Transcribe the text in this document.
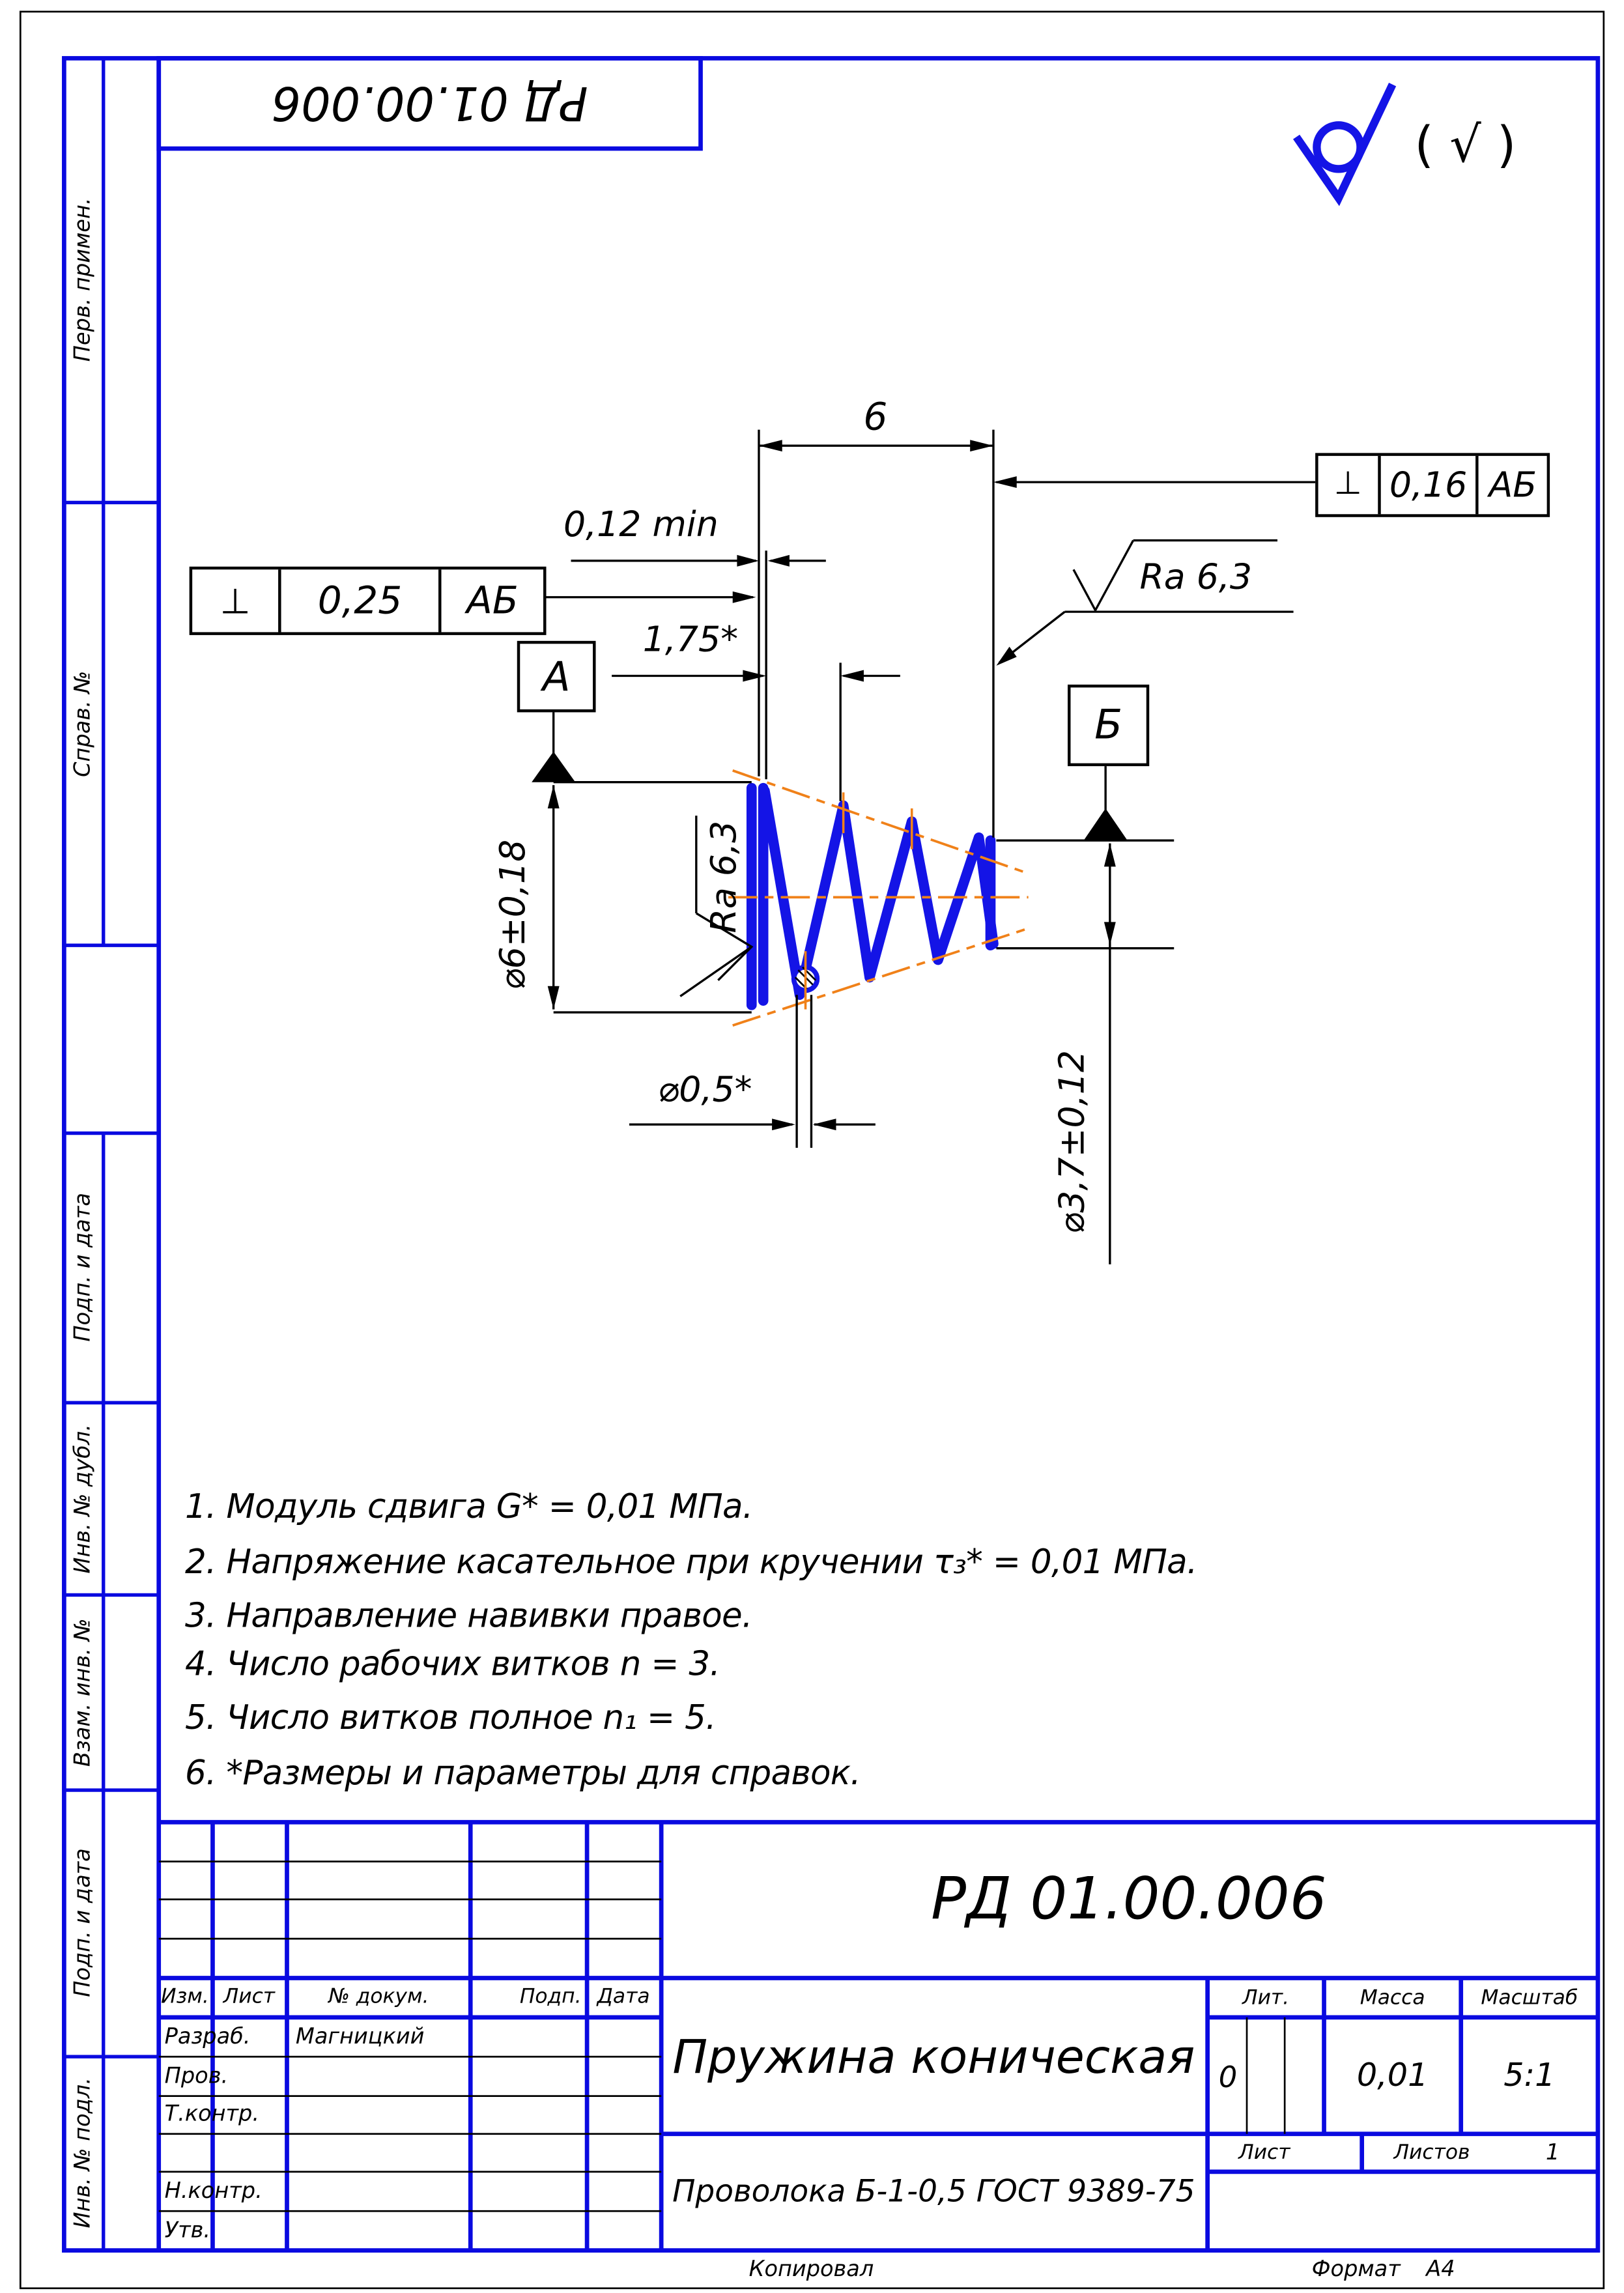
РД 01.00.006
( √ )
Перв. примен.
Справ. №
Подп. и дата
Инв. № дубл.
Взам. инв. №
Подп. и дата
Инв. № подл.
6
0,12 min
1,75*
⌀6±0,18
⌀0,5*	⌀3,7±0,12
Ra 6,3
Ra 6,3
⊥	0,25	АБ
⊥	0,16	АБ
А
Б
1. Модуль сдвига G* = 0,01 МПа.
2. Напряжение касательное при кручении τ₃* = 0,01 МПа.
3. Направление навивки правое.
4. Число рабочих витков n = 3.
5. Число витков полное n₁ = 5.
6. *Размеры и параметры для справок.
Изм. Лист	№ докум.	Подп. Дата
Разраб.	Магницкий
Пров.
Т.контр.
Н.контр.
Утв.
РД 01.00.006
Пружина коническая
Проволока Б-1-0,5 ГОСТ 9389-75
Лит.	Масса	Масштаб
0	0,01	5:1
Лист	Листов	1
Копировал	Формат	А4
